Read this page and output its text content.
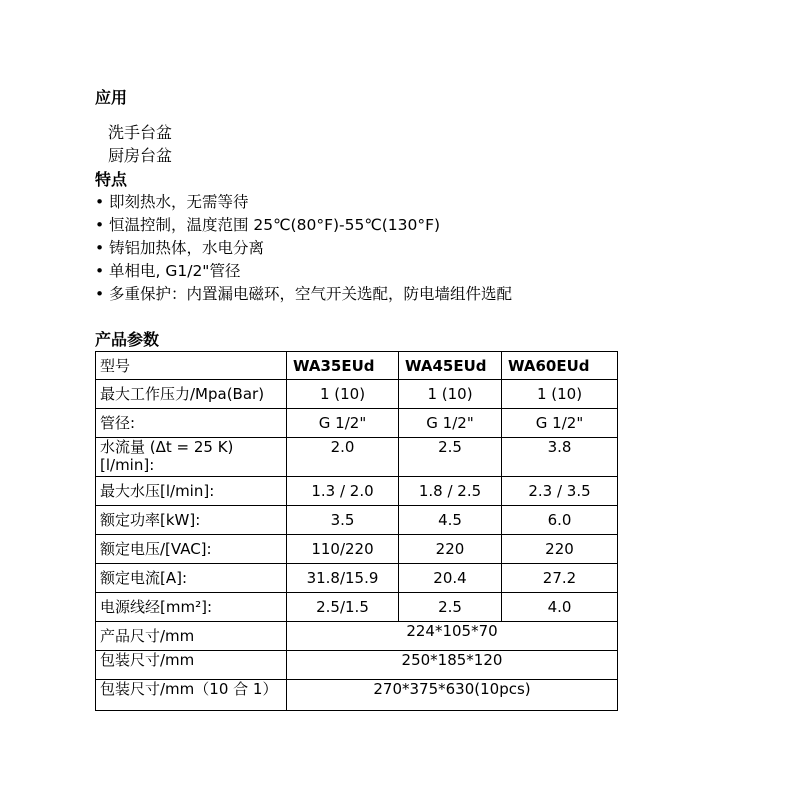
应用
洗手台盆
厨房台盆
特点
• 即刻热水，无需等待
• 恒温控制，温度范围 25℃(80°F)-55℃(130°F)
• 铸铝加热体，水电分离
• 单相电, G1/2"管径
• 多重保护：内置漏电磁环，空气开关选配，防电墙组件选配
产品参数
型号	WA35EUd	WA45EUd	WA60EUd
最大工作压力/Mpa(Bar)	1 (10)	1 (10)	1 (10)
管径:	G 1/2"	G 1/2"	G 1/2"
水流量 (Δt = 25 K) [l/min]:	2.0	2.5	3.8
最大水压[l/min]:	1.3 / 2.0	1.8 / 2.5	2.3 / 3.5
额定功率[kW]:	3.5	4.5	6.0
额定电压/[VAC]:	110/220	220	220
额定电流[A]:	31.8/15.9	20.4	27.2
电源线经[mm²]:	2.5/1.5	2.5	4.0
产品尺寸/mm	224*105*70		
包装尺寸/mm	250*185*120		
包装尺寸/mm（10 合 1）	270*375*630(10pcs)		
